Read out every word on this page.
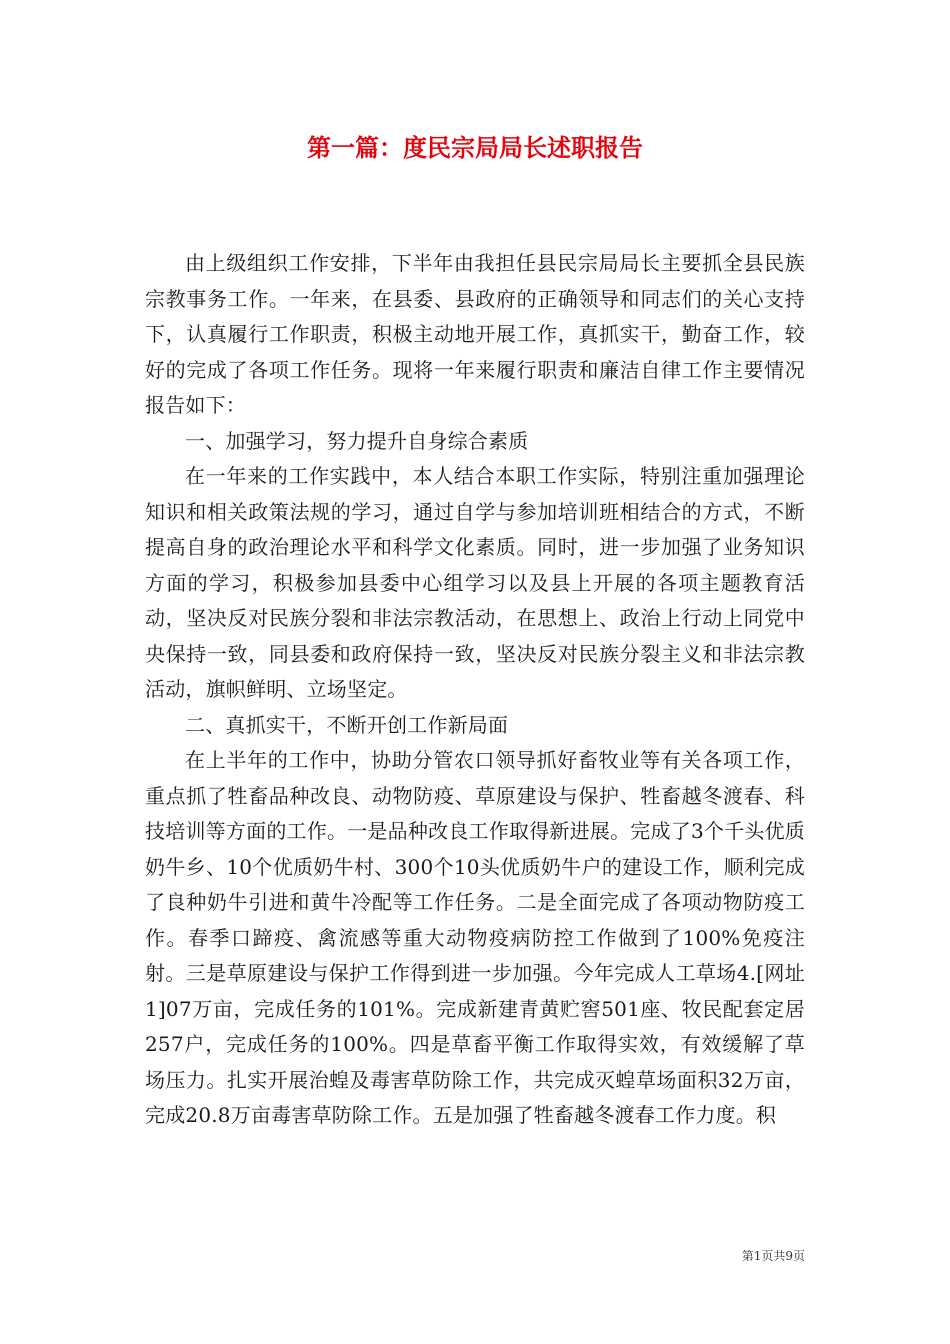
第一篇：度民宗局局长述职报告

由上级组织工作安排，下半年由我担任县民宗局局长主要抓全县民族宗教事务工作。一年来，在县委、县政府的正确领导和同志们的关心支持下，认真履行工作职责，积极主动地开展工作，真抓实干，勤奋工作，较好的完成了各项工作任务。现将一年来履行职责和廉洁自律工作主要情况报告如下：

一、加强学习，努力提升自身综合素质

在一年来的工作实践中，本人结合本职工作实际，特别注重加强理论知识和相关政策法规的学习，通过自学与参加培训班相结合的方式，不断提高自身的政治理论水平和科学文化素质。同时，进一步加强了业务知识方面的学习，积极参加县委中心组学习以及县上开展的各项主题教育活动，坚决反对民族分裂和非法宗教活动，在思想上、政治上行动上同党中央保持一致，同县委和政府保持一致，坚决反对民族分裂主义和非法宗教活动，旗帜鲜明、立场坚定。

二、真抓实干，不断开创工作新局面

在上半年的工作中，协助分管农口领导抓好畜牧业等有关各项工作，重点抓了牲畜品种改良、动物防疫、草原建设与保护、牲畜越冬渡春、科技培训等方面的工作。一是品种改良工作取得新进展。完成了3个千头优质奶牛乡、10个优质奶牛村、300个10头优质奶牛户的建设工作，顺利完成了良种奶牛引进和黄牛冷配等工作任务。二是全面完成了各项动物防疫工作。春季口蹄疫、禽流感等重大动物疫病防控工作做到了100%免疫注射。三是草原建设与保护工作得到进一步加强。今年完成人工草场4.[网址1]07万亩，完成任务的101%。完成新建青黄贮窖501座、牧民配套定居257户，完成任务的100%。四是草畜平衡工作取得实效，有效缓解了草场压力。扎实开展治蝗及毒害草防除工作，共完成灭蝗草场面积32万亩，完成20.8万亩毒害草防除工作。五是加强了牲畜越冬渡春工作力度。积

第1页共9页
